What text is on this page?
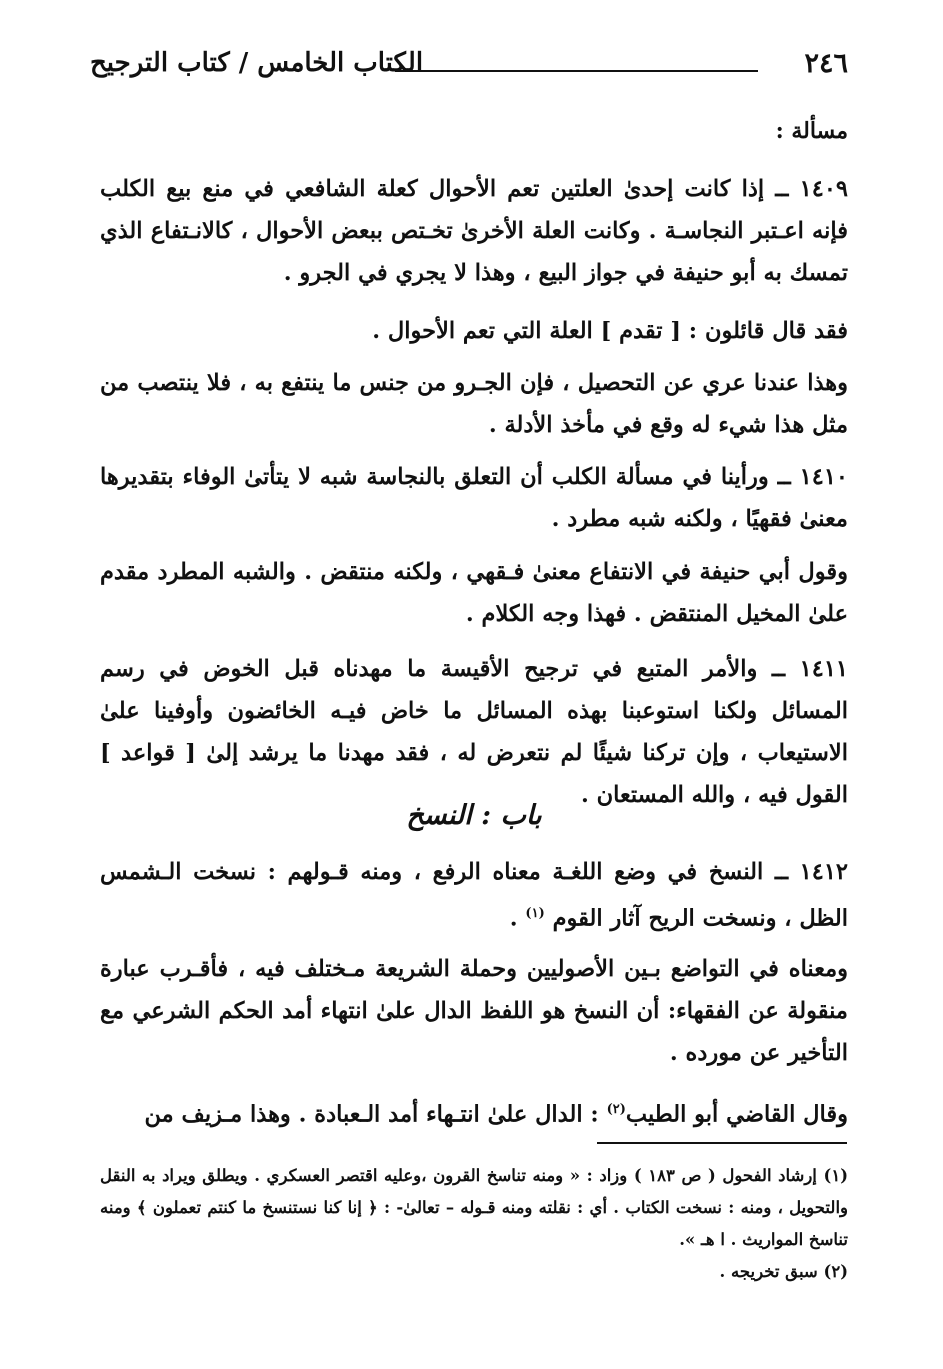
٢٤٦
الكتاب الخامس / كتاب الترجيح

مسألة :

١٤٠٩ ــ إذا كانت إحدىٰ العلتين تعم الأحوال كعلة الشافعي في منع بيع الكلب فإنه اعـتبر النجاسـة . وكانت العلة الأخرىٰ تخـتص ببعض الأحوال ، كالانـتفاع الذي تمسك به أبو حنيفة في جواز البيع ، وهذا لا يجري في الجرو .

فقد قال قائلون : [ تقدم ] العلة التي تعم الأحوال .

وهذا عندنا عري عن التحصيل ، فإن الجـرو من جنس ما ينتفع به ، فلا ينتصب من مثل هذا شيء له وقع في مأخذ الأدلة .

١٤١٠ ــ ورأينا في مسألة الكلب أن التعلق بالنجاسة شبه لا يتأتىٰ الوفاء بتقديرها معنىٰ فقهيًا ، ولكنه شبه مطرد .

وقول أبي حنيفة في الانتفاع معنىٰ فـقهي ، ولكنه منتقض . والشبه المطرد مقدم علىٰ المخيل المنتقض . فهذا وجه الكلام .

١٤١١ ــ والأمر المتبع في ترجيح الأقيسة ما مهدناه قبل الخوض في رسم المسائل ولكنا استوعبنا بهذه المسائل ما خاض فيـه الخائضون وأوفينا علىٰ الاستيعاب ، وإن تركنا شيئًا لم نتعرض له ، فقد مهدنا ما يرشد إلىٰ [ قواعد ] القول فيه ، والله المستعان .

باب : النسخ

١٤١٢ ــ النسخ في وضع اللغـة معناه الرفع ، ومنه قـولهم : نسخت الـشمس الظل ، ونسخت الريح آثار القوم $^{(١)}$ .

ومعناه في التواضع بـين الأصوليين وحملة الشريعة مـختلف فيه ، فأقـرب عبارة منقولة عن الفقهاء: أن النسخ هو اللفظ الدال علىٰ انتهاء أمد الحكم الشرعي مع التأخير عن مورده .

وقال القاضي أبو الطيب$^{(٢)}$ : الدال علىٰ انتـهاء أمد الـعبادة . وهذا مـزيف من

(١) إرشاد الفحول ( ص ١٨٣ ) وزاد : « ومنه تناسخ القرون ،وعليه اقتصر العسكري . ويطلق ويراد به النقل والتحويل ، ومنه : نسخت الكتاب . أي : نقلته ومنه قـوله – تعالىٰ- : ﴿ إنا كنا نستنسخ ما كنتم تعملون ﴾ ومنه تناسخ المواريث . ا هـ ».

(٢) سبق تخريجه .
